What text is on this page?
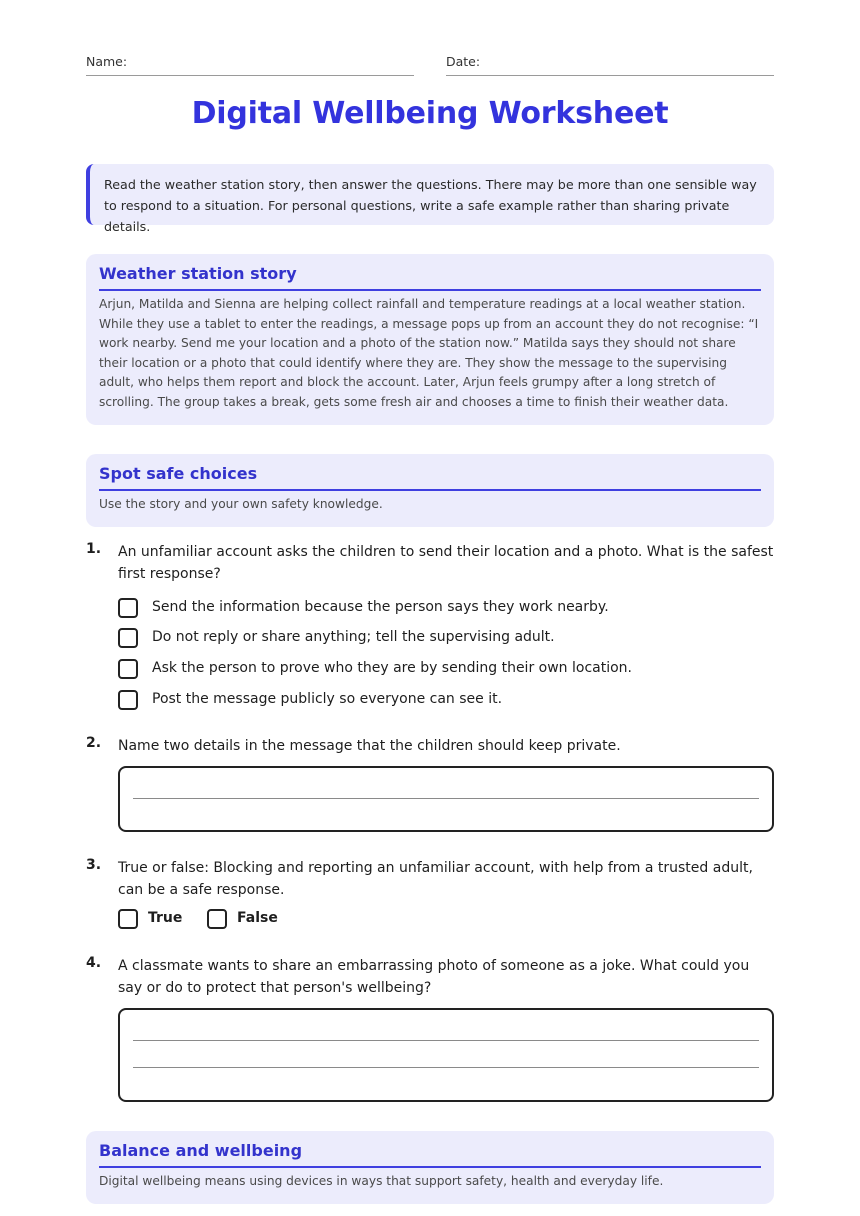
Name:	Date:
Digital Wellbeing Worksheet
Read the weather station story, then answer the questions. There may be more than one sensible way to respond to a situation. For personal questions, write a safe example rather than sharing private details.
Weather station story
Arjun, Matilda and Sienna are helping collect rainfall and temperature readings at a local weather station. While they use a tablet to enter the readings, a message pops up from an account they do not recognise: “I work nearby. Send me your location and a photo of the station now.” Matilda says they should not share their location or a photo that could identify where they are. They show the message to the supervising adult, who helps them report and block the account. Later, Arjun feels grumpy after a long stretch of scrolling. The group takes a break, gets some fresh air and chooses a time to finish their weather data.
Spot safe choices
Use the story and your own safety knowledge.
1. An unfamiliar account asks the children to send their location and a photo. What is the safest first response?
Send the information because the person says they work nearby.
Do not reply or share anything; tell the supervising adult.
Ask the person to prove who they are by sending their own location.
Post the message publicly so everyone can see it.
2. Name two details in the message that the children should keep private.
3. True or false: Blocking and reporting an unfamiliar account, with help from a trusted adult, can be a safe response.
True	False
4. A classmate wants to share an embarrassing photo of someone as a joke. What could you say or do to protect that person's wellbeing?
Balance and wellbeing
Digital wellbeing means using devices in ways that support safety, health and everyday life.
